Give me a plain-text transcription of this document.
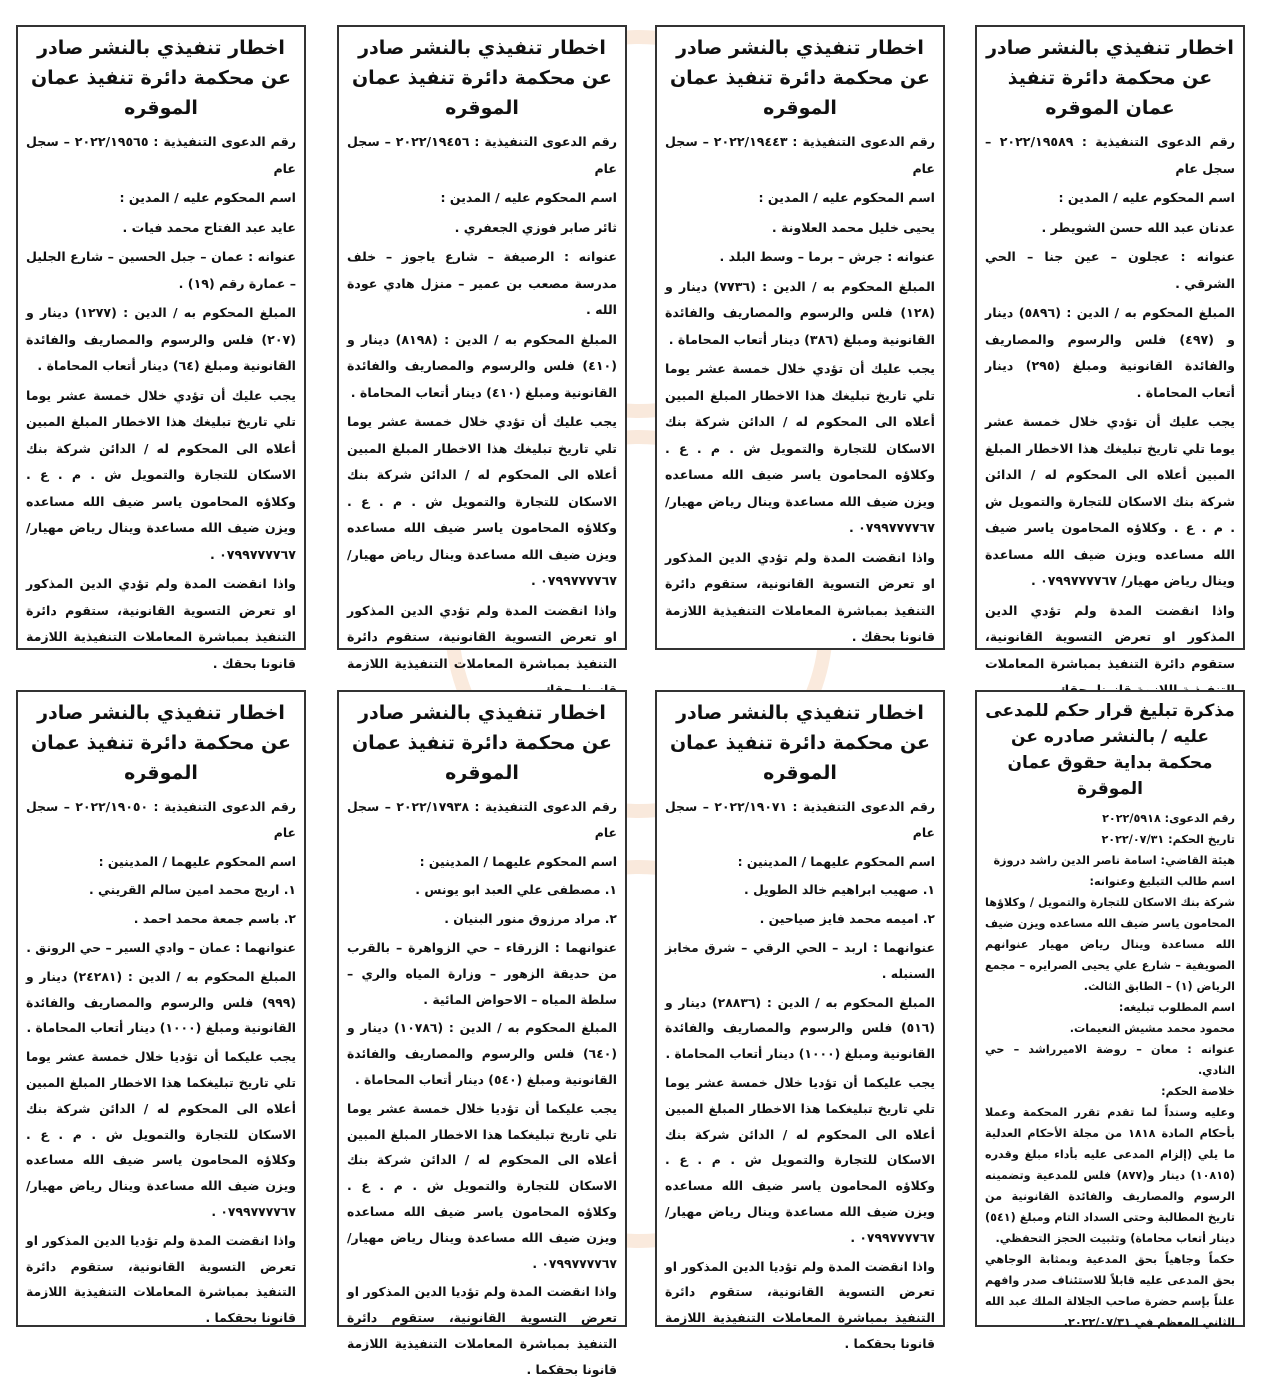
اخطار تنفيذي بالنشر صادر عن محكمة دائرة تنفيذ عمان الموقره

رقم الدعوى التنفيذية : ٢٠٢٢/١٩٥٨٩ – سجل عام

اسم المحكوم عليه / المدين :

عدنان عبد الله حسن الشويطر .

عنوانه : عجلون – عين جنا – الحي الشرقي .

المبلغ المحكوم به / الدين : (٥٨٩٦) دينار و (٤٩٧) فلس والرسوم والمصاريف والفائدة القانونية ومبلغ (٢٩٥) دينار أتعاب المحاماة .

يجب عليك أن تؤدي خلال خمسة عشر يوما تلي تاريخ تبليغك هذا الاخطار المبلغ المبين أعلاه الى المحكوم له / الدائن شركة بنك الاسكان للتجارة والتمويل ش . م . ع . وكلاؤه المحامون ياسر ضيف الله مساعده ويزن ضيف الله مساعدة وينال رياض مهيار/ ٠٧٩٩٧٧٧٧٦٧ .

واذا انقضت المدة ولم تؤدي الدين المذكور او تعرض التسوية القانونية، ستقوم دائرة التنفيذ بمباشرة المعاملات

اخطار تنفيذي بالنشر صادر عن محكمة دائرة تنفيذ عمان الموقره

رقم الدعوى التنفيذية : ٢٠٢٢/١٩٤٤٣ – سجل عام

اسم المحكوم عليه / المدين :

يحيى خليل محمد العلاونة .

عنوانه : جرش – برما – وسط البلد .

المبلغ المحكوم به / الدين : (٧٧٣٦) دينار و (١٢٨) فلس والرسوم والمصاريف والفائدة القانونية ومبلغ (٣٨٦) دينار أتعاب المحاماة .

يجب عليك أن تؤدي خلال خمسة عشر يوما تلي تاريخ تبليغك هذا الاخطار المبلغ المبين أعلاه الى المحكوم له / الدائن شركة بنك الاسكان للتجارة والتمويل ش . م . ع . وكلاؤه المحامون ياسر ضيف الله مساعده ويزن ضيف الله مساعدة وينال رياض مهيار/ ٠٧٩٩٧٧٧٧٦٧ .

واذا انقضت المدة ولم تؤدي الدين المذكور او تعرض التسوية القانونية، ستقوم دائرة التنفيذ بمباشرة المعاملات التنفيذية اللازمة قانونا بحقك .

اخطار تنفيذي بالنشر صادر عن محكمة دائرة تنفيذ عمان الموقره

رقم الدعوى التنفيذية : ٢٠٢٢/١٩٤٥٦ – سجل عام

اسم المحكوم عليه / المدين :

ثائر صابر فوزي الجعفري .

عنوانه : الرصيفة – شارع ياجوز – خلف مدرسة مصعب بن عمير – منزل هادي عودة الله .

المبلغ المحكوم به / الدين : (٨١٩٨) دينار و (٤١٠) فلس والرسوم والمصاريف والفائدة القانونية ومبلغ (٤١٠) دينار أتعاب المحاماة .

يجب عليك أن تؤدي خلال خمسة عشر يوما تلي تاريخ تبليغك هذا الاخطار المبلغ المبين أعلاه الى المحكوم له / الدائن شركة بنك الاسكان للتجارة والتمويل ش . م . ع . وكلاؤه المحامون ياسر ضيف الله مساعده ويزن ضيف الله مساعدة وينال رياض مهيار/ ٠٧٩٩٧٧٧٧٦٧ .

واذا انقضت المدة ولم تؤدي الدين المذكور او تعرض التسوية القانونية، ستقوم دائرة التنفيذ بمباشرة المعاملات التنفيذية اللازمة

اخطار تنفيذي بالنشر صادر عن محكمة دائرة تنفيذ عمان الموقره

رقم الدعوى التنفيذية : ٢٠٢٢/١٩٥٦٥ – سجل عام

اسم المحكوم عليه / المدين :

عايد عبد الفتاح محمد فيات .

عنوانه : عمان – جبل الحسين – شارع الجليل – عمارة رقم (١٩) .

المبلغ المحكوم به / الدين : (١٢٧٧) دينار و (٢٠٧) فلس والرسوم والمصاريف والفائدة القانونية ومبلغ (٦٤) دينار أتعاب المحاماة .

يجب عليك أن تؤدي خلال خمسة عشر يوما تلي تاريخ تبليغك هذا الاخطار المبلغ المبين أعلاه الى المحكوم له / الدائن شركة بنك الاسكان للتجارة والتمويل ش . م . ع . وكلاؤه المحامون ياسر ضيف الله مساعده ويزن ضيف الله مساعدة وينال رياض مهيار/ ٠٧٩٩٧٧٧٧٦٧ .

واذا انقضت المدة ولم تؤدي الدين المذكور او تعرض التسوية القانونية، ستقوم دائرة التنفيذ بمباشرة المعاملات التنفيذية اللازمة قانونا بحقك .

مذكرة تبليغ قرار حكم للمدعى عليه / بالنشر صادره عن محكمة بداية حقوق عمان الموقرة

رقم الدعوى: ٢٠٢٢/٥٩١٨

تاريخ الحكم: ٢٠٢٢/٠٧/٣١

هيئة القاضي: اسامة ناصر الدين راشد دروزة

اسم طالب التبليغ وعنوانه:

شركة بنك الاسكان للتجارة والتمويل / وكلاؤها المحامون ياسر ضيف الله مساعده ويزن ضيف الله مساعدة وينال رياض مهيار عنوانهم الصويفية – شارع علي يحيى الصرايره – مجمع الرياض (١) – الطابق الثالث.

اسم المطلوب تبليغه:

محمود محمد مشيش النعيمات.

عنوانه : معان – روضة الاميرراشد – حي النادي.

خلاصة الحكم:

وعليه وسنداً لما تقدم تقرر المحكمة وعملا بأحكام المادة ١٨١٨ من مجلة الأحكام العدلية ما يلي (إلزام المدعى عليه بأداء مبلغ وقدره (١٠٨١٥) دينار و(٨٧٧) فلس للمدعية وتضمينه الرسوم والمصاريف والفائدة القانونية من تاريخ المطالبة وحتى السداد التام ومبلغ (٥٤١) دينار أتعاب محاماة) وتثبيت الحجز التحفظي.

حكماً وجاهياً بحق المدعية وبمثابة الوجاهي بحق المدعى عليه قابلاً للاستئناف صدر وافهم علناً بإسم حضرة صاحب الجلالة الملك عبد الله الثاني المعظم في ٢٠٢٢/٠٧/٣١.

اخطار تنفيذي بالنشر صادر عن محكمة دائرة تنفيذ عمان الموقره

رقم الدعوى التنفيذية : ٢٠٢٢/١٩٠٧١ – سجل عام

اسم المحكوم عليهما / المدينين :

١. صهيب ابراهيم خالد الطويل .

٢. اميمه محمد فايز صياحين .

عنوانهما : اربد – الحي الرقي – شرق مخابز السنبله .

المبلغ المحكوم به / الدين : (٢٨٨٣٦) دينار و (٥١٦) فلس والرسوم والمصاريف والفائدة القانونية ومبلغ (١٠٠٠) دينار أتعاب المحاماة .

يجب عليكما أن تؤديا خلال خمسة عشر يوما تلي تاريخ تبليغكما هذا الاخطار المبلغ المبين أعلاه الى المحكوم له / الدائن شركة بنك الاسكان للتجارة والتمويل ش . م . ع . وكلاؤه المحامون ياسر ضيف الله مساعده ويزن ضيف الله مساعدة وينال رياض مهيار/ ٠٧٩٩٧٧٧٧٦٧ .

واذا انقضت المدة ولم تؤديا الدين المذكور او تعرض التسوية القانونية، ستقوم دائرة التنفيذ بمباشرة المعاملات التنفيذية اللازمة قانونا بحقكما .

اخطار تنفيذي بالنشر صادر عن محكمة دائرة تنفيذ عمان الموقره

رقم الدعوى التنفيذية : ٢٠٢٢/١٧٩٣٨ – سجل عام

اسم المحكوم عليهما / المدينين :

١. مصطفى علي العبد ابو يونس .

٢. مراد مرزوق منور البنيان .

عنوانهما : الزرقاء – حي الزواهرة – بالقرب من حديقة الزهور – وزارة المياه والري – سلطة المياه – الاحواض المائية .

المبلغ المحكوم به / الدين : (١٠٧٨٦) دينار و (٦٤٠) فلس والرسوم والمصاريف والفائدة القانونية ومبلغ (٥٤٠) دينار أتعاب المحاماة .

يجب عليكما أن تؤديا خلال خمسة عشر يوما تلي تاريخ تبليغكما هذا الاخطار المبلغ المبين أعلاه الى المحكوم له / الدائن شركة بنك الاسكان للتجارة والتمويل ش . م . ع . وكلاؤه المحامون ياسر ضيف الله مساعده ويزن ضيف الله مساعدة وينال رياض مهيار/ ٠٧٩٩٧٧٧٧٦٧ .

واذا انقضت المدة ولم تؤديا الدين المذكور او تعرض التسوية القانونية، ستقوم دائرة التنفيذ بمباشرة المعاملات التنفيذية اللازمة قانونا بحقكما .

اخطار تنفيذي بالنشر صادر عن محكمة دائرة تنفيذ عمان الموقره

رقم الدعوى التنفيذية : ٢٠٢٢/١٩٠٥٠ – سجل عام

اسم المحكوم عليهما / المدينين :

١. اريج محمد امين سالم القريني .

٢. باسم جمعة محمد احمد .

عنوانهما : عمان – وادي السير – حي الرونق .

المبلغ المحكوم به / الدين : (٢٤٢٨١) دينار و (٩٩٩) فلس والرسوم والمصاريف والفائدة القانونية ومبلغ (١٠٠٠) دينار أتعاب المحاماة .

يجب عليكما أن تؤديا خلال خمسة عشر يوما تلي تاريخ تبليغكما هذا الاخطار المبلغ المبين أعلاه الى المحكوم له / الدائن شركة بنك الاسكان للتجارة والتمويل ش . م . ع . وكلاؤه المحامون ياسر ضيف الله مساعده ويزن ضيف الله مساعدة وينال رياض مهيار/ ٠٧٩٩٧٧٧٧٦٧ .

واذا انقضت المدة ولم تؤديا الدين المذكور او تعرض التسوية القانونية، ستقوم دائرة التنفيذ بمباشرة المعاملات التنفيذية اللازمة قانونا بحقكما .
